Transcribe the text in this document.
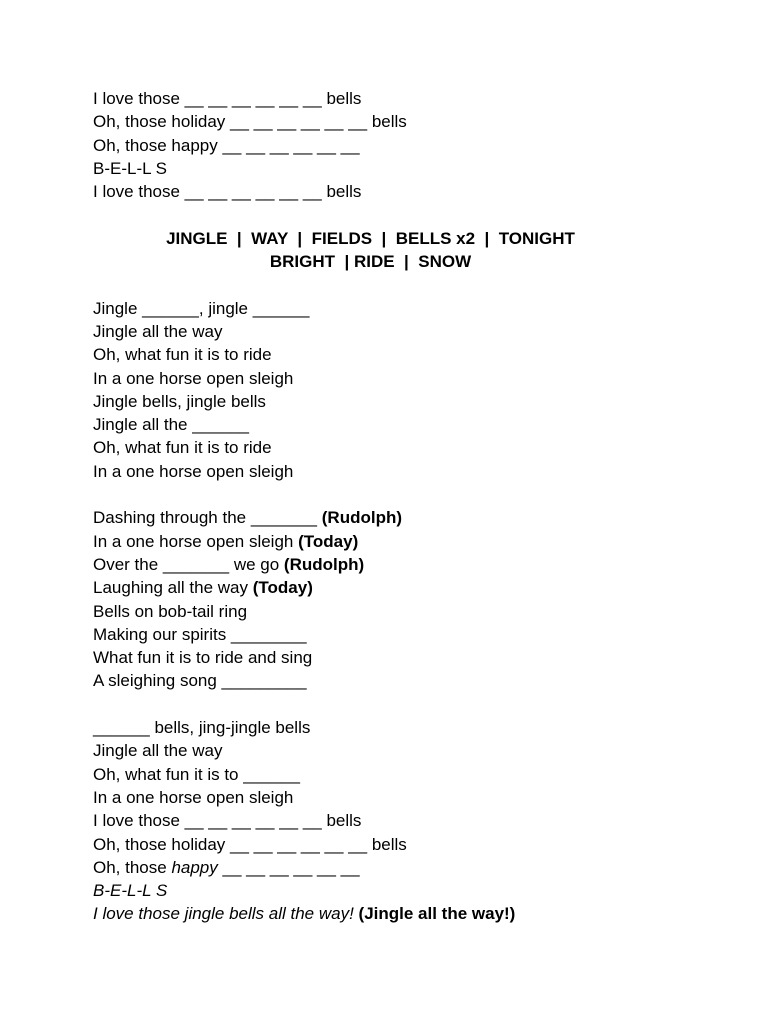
I love those __ __ __ __ __ __ bells
Oh, those holiday __ __ __ __ __ __ bells
Oh, those happy __ __ __ __ __ __
B-E-L-L S
I love those __ __ __ __ __ __ bells
JINGLE  |  WAY  |  FIELDS  |  BELLS x2  |  TONIGHT
BRIGHT  | RIDE  |  SNOW
Jingle ______, jingle ______
Jingle all the way
Oh, what fun it is to ride
In a one horse open sleigh
Jingle bells, jingle bells
Jingle all the ______
Oh, what fun it is to ride
In a one horse open sleigh
Dashing through the _______ (Rudolph)
In a one horse open sleigh (Today)
Over the _______ we go (Rudolph)
Laughing all the way (Today)
Bells on bob-tail ring
Making our spirits ________
What fun it is to ride and sing
A sleighing song _________
______ bells, jing-jingle bells
Jingle all the way
Oh, what fun it is to ______
In a one horse open sleigh
I love those __ __ __ __ __ __ bells
Oh, those holiday __ __ __ __ __ __ bells
Oh, those happy __ __ __ __ __ __
B-E-L-L S
I love those jingle bells all the way! (Jingle all the way!)
